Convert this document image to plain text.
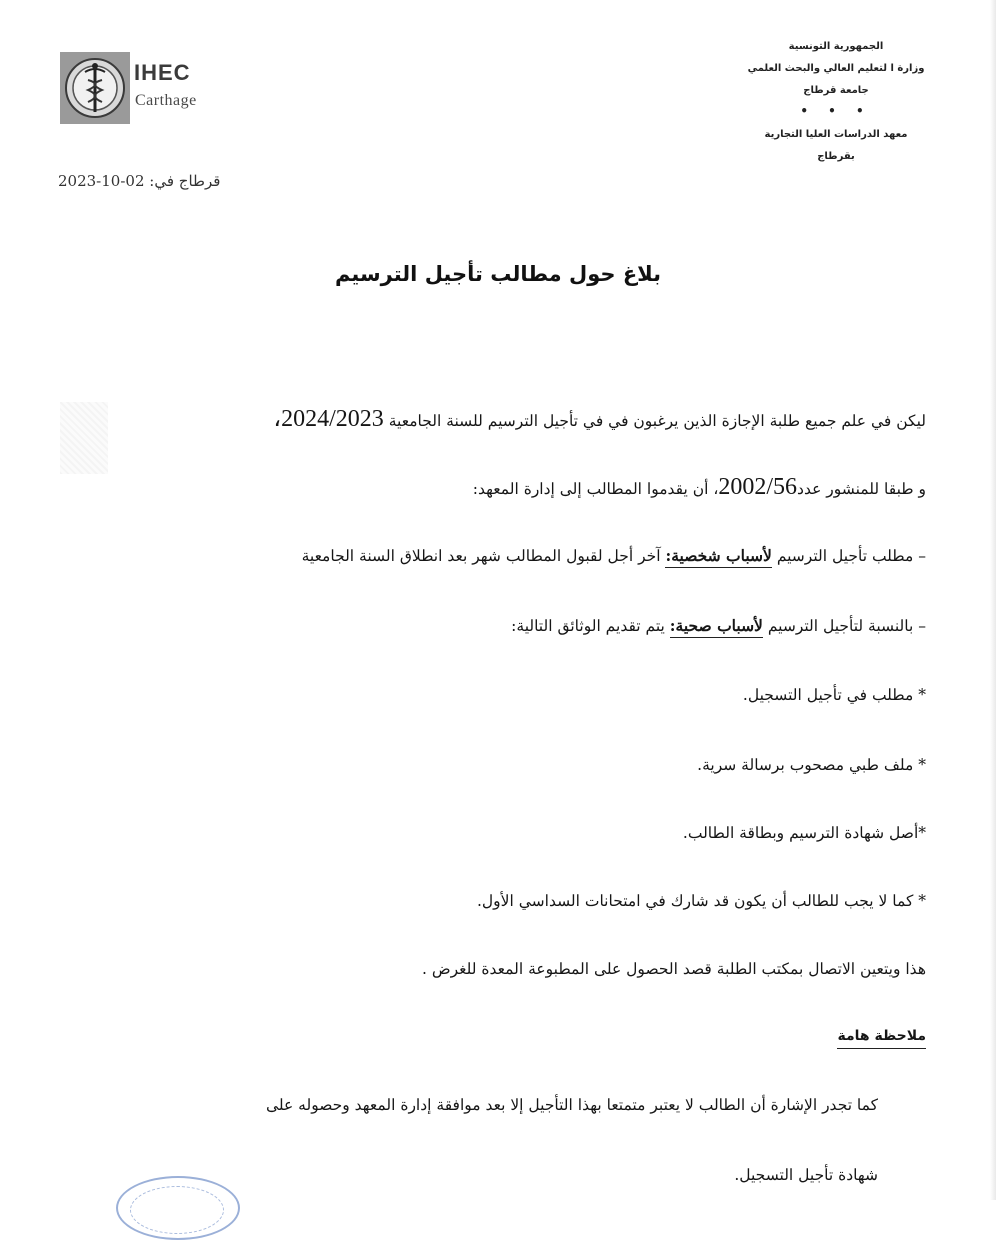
IHEC
Carthage
قرطاج في: 2023-10-02
الجمهورية التونسية
وزارة ا لتعليم العالي والبحث العلمي
جامعة قرطاج
• • •
معهد الدراسات العليا التجارية
بقرطاج
بلاغ حول مطالب تأجيل الترسيم
ليكن في علم جميع طلبة الإجازة الذين يرغبون في في تأجيل الترسيم للسنة الجامعية 2024/2023،
و طبقا للمنشور عدد2002/56، أن يقدموا المطالب إلى إدارة المعهد:
– مطلب تأجيل الترسيم لأسباب شخصية: آخر أجل لقبول المطالب شهر بعد انطلاق السنة الجامعية
– بالنسبة لتأجيل الترسيم لأسباب صحية: يتم تقديم الوثائق التالية:
* مطلب في تأجيل التسجيل.
* ملف طبي مصحوب برسالة سرية.
*أصل شهادة الترسيم وبطاقة الطالب.
* كما لا يجب للطالب أن يكون قد شارك في امتحانات السداسي الأول.
هذا ويتعين الاتصال بمكتب الطلبة قصد الحصول على المطبوعة المعدة للغرض .
ملاحظة هامة
كما تجدر الإشارة أن الطالب لا يعتبر متمتعا بهذا التأجيل إلا بعد موافقة إدارة المعهد وحصوله على
شهادة تأجيل التسجيل.
